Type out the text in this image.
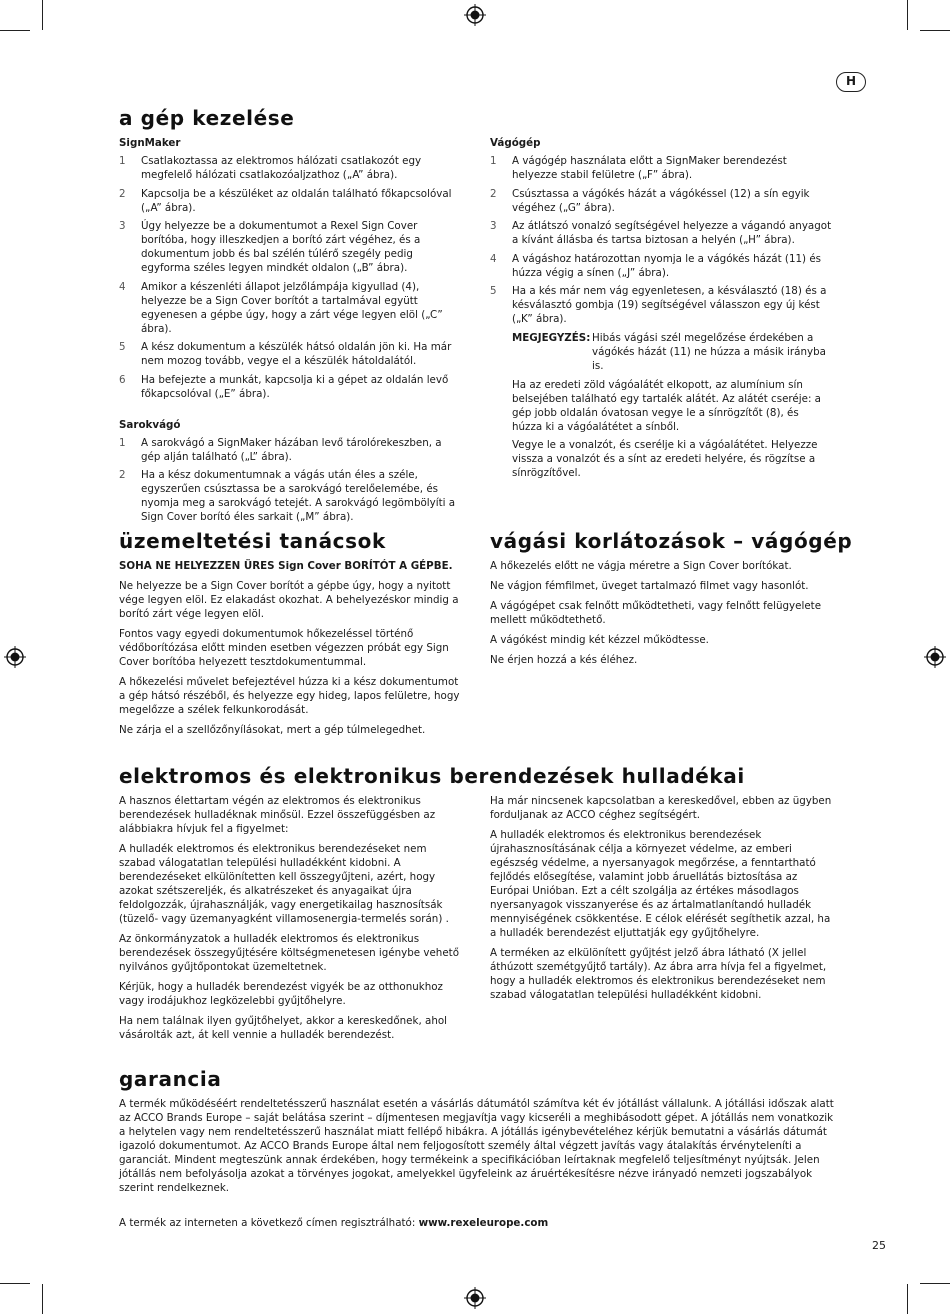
H
a gép kezelése
SignMaker
1	Csatlakoztassa az elektromos hálózati csatlakozót egy megfelelő hálózati csatlakozóaljzathoz („A” ábra).
2	Kapcsolja be a készüléket az oldalán található főkapcsolóval („A” ábra).
3	Úgy helyezze be a dokumentumot a Rexel Sign Cover borítóba, hogy illeszkedjen a borító zárt végéhez, és a dokumentum jobb és bal szélén túlérő szegély pedig egyforma széles legyen mindkét oldalon („B” ábra).
4	Amikor a készenléti állapot jelzőlámpája kigyullad (4), helyezze be a Sign Cover borítót a tartalmával együtt egyenesen a gépbe úgy, hogy a zárt vége legyen elöl („C” ábra).
5	A kész dokumentum a készülék hátsó oldalán jön ki. Ha már nem mozog tovább, vegye el a készülék hátoldalától.
6	Ha befejezte a munkát, kapcsolja ki a gépet az oldalán levő főkapcsolóval („E” ábra).
Sarokvágó
1	A sarokvágó a SignMaker házában levő tárolórekeszben, a gép alján található („L” ábra).
2	Ha a kész dokumentumnak a vágás után éles a széle, egyszerűen csúsztassa be a sarokvágó terelőelemébe, és nyomja meg a sarokvágó tetejét. A sarokvágó legömbölyíti a Sign Cover borító éles sarkait („M” ábra).
Vágógép
1	A vágógép használata előtt a SignMaker berendezést helyezze stabil felületre („F” ábra).
2	Csúsztassa a vágókés házát a vágókéssel (12) a sín egyik végéhez („G” ábra).
3	Az átlátszó vonalzó segítségével helyezze a vágandó anyagot a kívánt állásba és tartsa biztosan a helyén („H” ábra).
4	A vágáshoz határozottan nyomja le a vágókés házát (11) és húzza végig a sínen („J” ábra).
5	Ha a kés már nem vág egyenletesen, a késválasztó (18) és a késválasztó gombja (19) segítségével válasszon egy új kést („K” ábra).
MEGJEGYZÉS: Hibás vágási szél megelőzése érdekében a vágókés házát (11) ne húzza a másik irányba is.
Ha az eredeti zöld vágóalátét elkopott, az alumínium sín belsejében található egy tartalék alátét. Az alátét cseréje: a gép jobb oldalán óvatosan vegye le a sínrögzítőt (8), és húzza ki a vágóalátétet a sínből.
Vegye le a vonalzót, és cserélje ki a vágóalátétet. Helyezze vissza a vonalzót és a sínt az eredeti helyére, és rögzítse a sínrögzítővel.
üzemeltetési tanácsok
SOHA NE HELYEZZEN ÜRES Sign Cover BORÍTÓT A GÉPBE.
Ne helyezze be a Sign Cover borítót a gépbe úgy, hogy a nyitott vége legyen elöl. Ez elakadást okozhat. A behelyezéskor mindig a borító zárt vége legyen elöl.
Fontos vagy egyedi dokumentumok hőkezeléssel történő védőborítózása előtt minden esetben végezzen próbát egy Sign Cover borítóba helyezett tesztdokumentummal.
A hőkezelési művelet befejeztével húzza ki a kész dokumentumot a gép hátsó részéből, és helyezze egy hideg, lapos felületre, hogy megelőzze a szélek felkunkorodását.
Ne zárja el a szellőzőnyílásokat, mert a gép túlmelegedhet.
vágási korlátozások – vágógép
A hőkezelés előtt ne vágja méretre a Sign Cover borítókat.
Ne vágjon fémfilmet, üveget tartalmazó filmet vagy hasonlót.
A vágógépet csak felnőtt működtetheti, vagy felnőtt felügyelete mellett működtethető.
A vágókést mindig két kézzel működtesse.
Ne érjen hozzá a kés éléhez.
elektromos és elektronikus berendezések hulladékai
A hasznos élettartam végén az elektromos és elektronikus berendezések hulladéknak minősül. Ezzel összefüggésben az alábbiakra hívjuk fel a figyelmet:
A hulladék elektromos és elektronikus berendezéseket nem szabad válogatatlan települési hulladékként kidobni. A berendezéseket elkülönítetten kell összegyűjteni, azért, hogy azokat szétszereljék, és alkatrészeket és anyagaikat újra feldolgozzák, újrahasználják, vagy energetikailag hasznosítsák (tüzelő- vagy üzemanyagként villamosenergia-termelés során) .
Az önkormányzatok a hulladék elektromos és elektronikus berendezések összegyűjtésére költségmenetesen igénybe vehető nyilvános gyűjtőpontokat üzemeltetnek.
Kérjük, hogy a hulladék berendezést vigyék be az otthonukhoz vagy irodájukhoz legközelebbi gyűjtőhelyre.
Ha nem találnak ilyen gyűjtőhelyet, akkor a kereskedőnek, ahol vásárolták azt, át kell vennie a hulladék berendezést.
Ha már nincsenek kapcsolatban a kereskedővel, ebben az ügyben forduljanak az ACCO céghez segítségért.
A hulladék elektromos és elektronikus berendezések újrahasznosításának célja a környezet védelme, az emberi egészség védelme, a nyersanyagok megőrzése, a fenntartható fejlődés elősegítése, valamint jobb áruellátás biztosítása az Európai Unióban. Ezt a célt szolgálja az értékes másodlagos nyersanyagok visszanyerése és az ártalmatlanítandó hulladék mennyiségének csökkentése. E célok elérését segíthetik azzal, ha a hulladék berendezést eljuttatják egy gyűjtőhelyre.
A terméken az elkülönített gyűjtést jelző ábra látható (X jellel áthúzott szemétgyűjtő tartály). Az ábra arra hívja fel a figyelmet, hogy a hulladék elektromos és elektronikus berendezéseket nem szabad válogatatlan települési hulladékként kidobni.
garancia
A termék működéséért rendeltetésszerű használat esetén a vásárlás dátumától számítva két év jótállást vállalunk. A jótállási időszak alatt az ACCO Brands Europe – saját belátása szerint – díjmentesen megjavítja vagy kicseréli a meghibásodott gépet. A jótállás nem vonatkozik a helytelen vagy nem rendeltetésszerű használat miatt fellépő hibákra. A jótállás igénybevételéhez kérjük bemutatni a vásárlás dátumát igazoló dokumentumot. Az ACCO Brands Europe által nem feljogosított személy által végzett javítás vagy átalakítás érvényteleníti a garanciát. Mindent megteszünk annak érdekében, hogy termékeink a specifikációban leírtaknak megfelelő teljesítményt nyújtsák. Jelen jótállás nem befolyásolja azokat a törvényes jogokat, amelyekkel ügyfeleink az áruértékesítésre nézve irányadó nemzeti jogszabályok szerint rendelkeznek.
A termék az interneten a következő címen regisztrálható: www.rexeleurope.com
25
